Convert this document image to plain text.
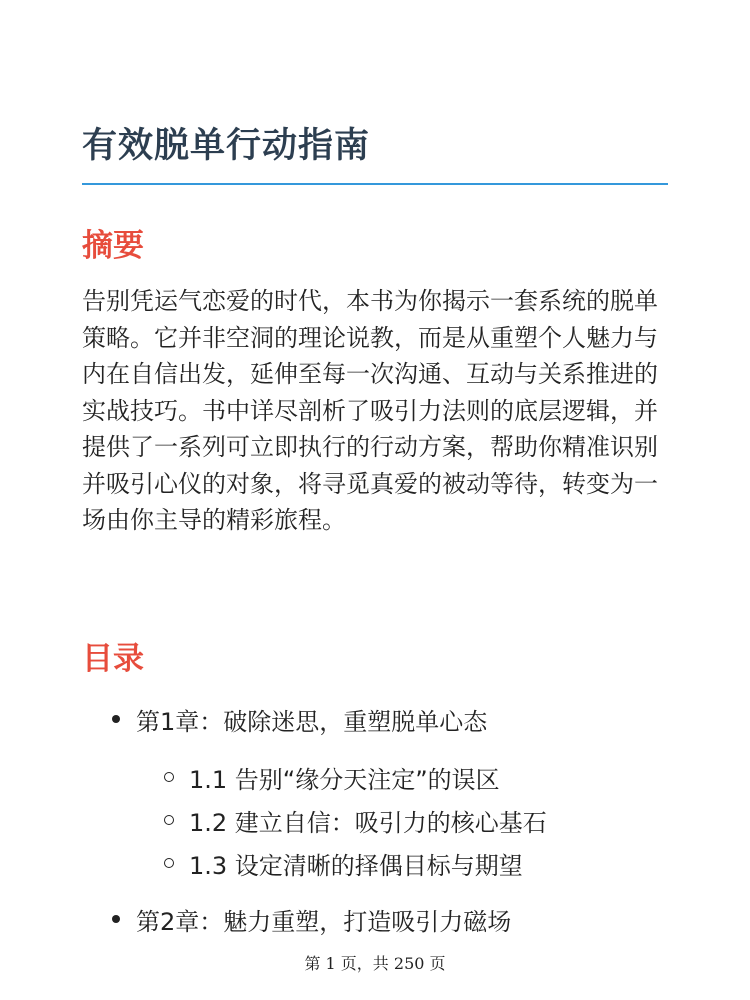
有效脱单行动指南
摘要

告别凭运气恋爱的时代，本书为你揭示一套系统的脱单策略。它并非空洞的理论说教，而是从重塑个人魅力与内在自信出发，延伸至每一次沟通、互动与关系推进的实战技巧。书中详尽剖析了吸引力法则的底层逻辑，并提供了一系列可立即执行的行动方案，帮助你精准识别并吸引心仪的对象，将寻觅真爱的被动等待，转变为一场由你主导的精彩旅程。

目录
第1章：破除迷思，重塑脱单心态
1.1 告别“缘分天注定”的误区
1.2 建立自信：吸引力的核心基石
1.3 设定清晰的择偶目标与期望
第2章：魅力重塑，打造吸引力磁场
第 1 页，共 250 页
